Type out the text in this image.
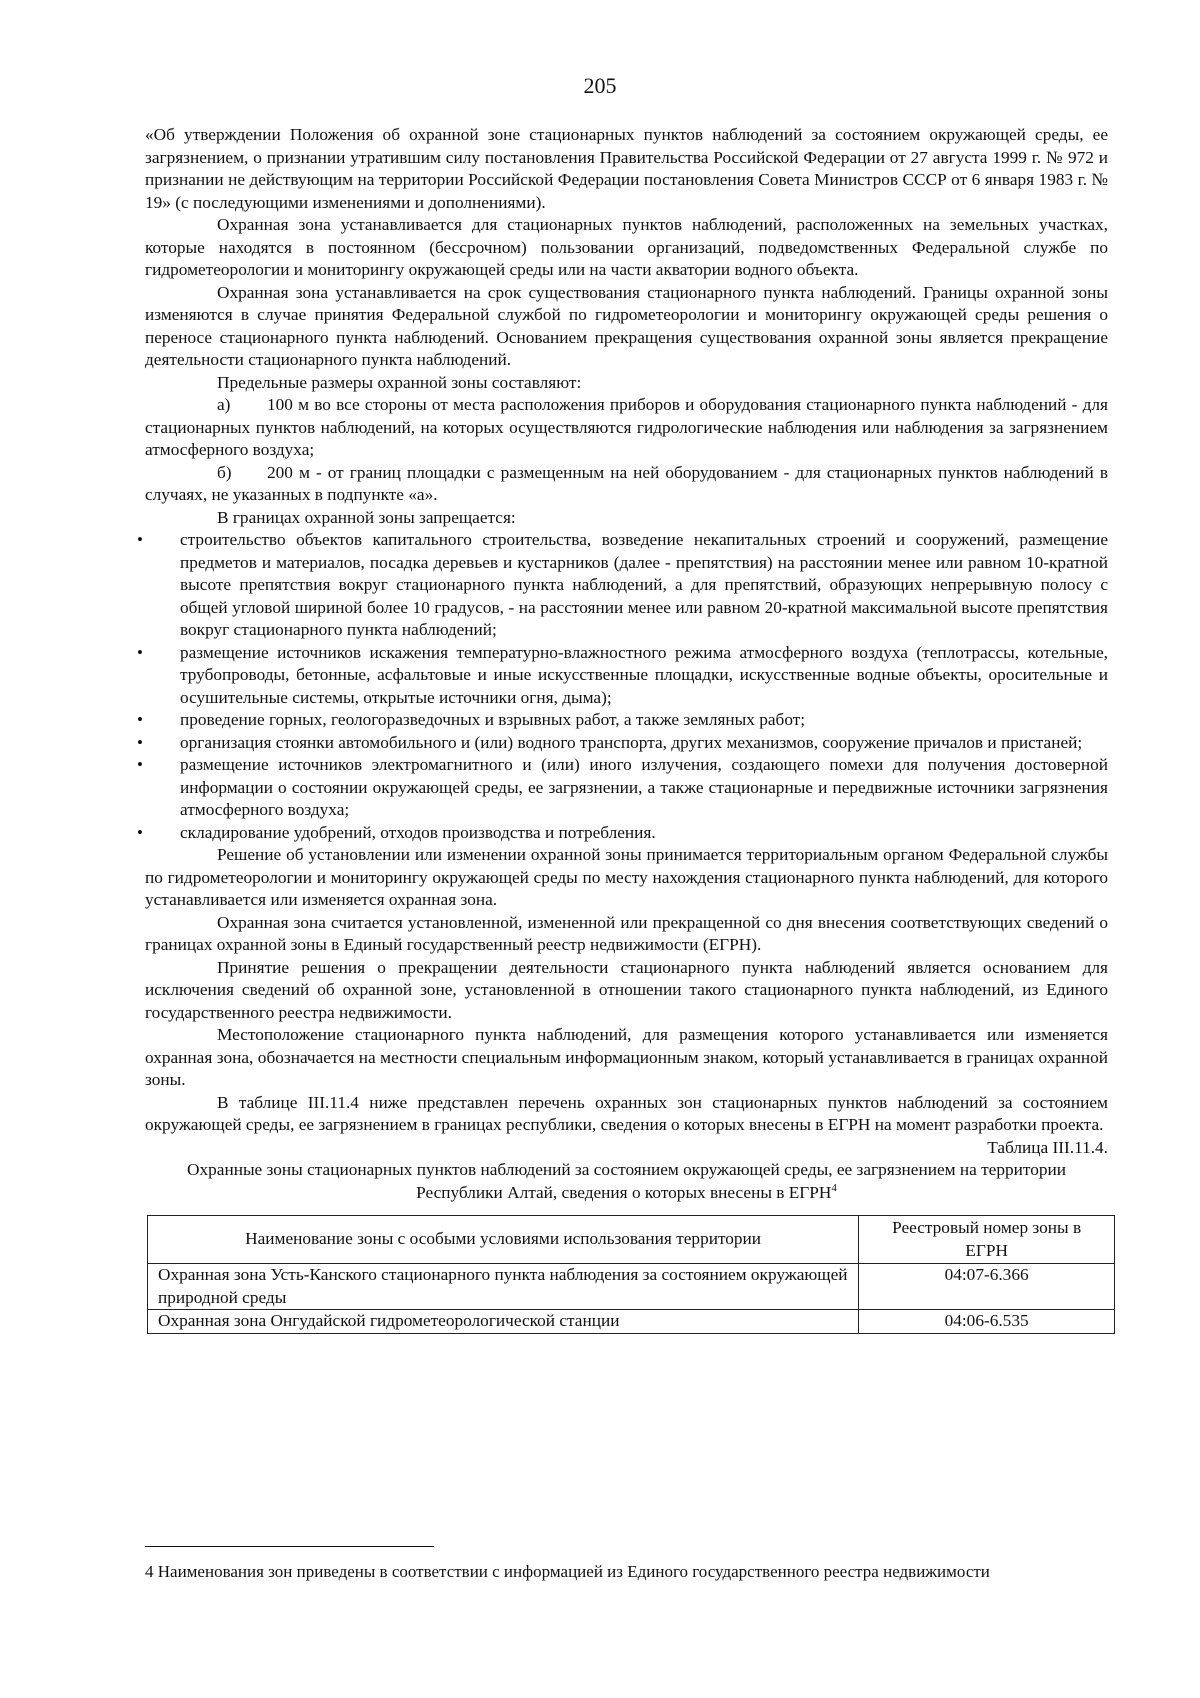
205

«Об утверждении Положения об охранной зоне стационарных пунктов наблюдений за состоянием окружающей среды, ее загрязнением, о признании утратившим силу постановления Правительства Российской Федерации от 27 августа 1999 г. № 972 и признании не действующим на территории Российской Федерации постановления Совета Министров СССР от 6 января 1983 г. № 19» (с последующими изменениями и дополнениями).

Охранная зона устанавливается для стационарных пунктов наблюдений, расположенных на земельных участках, которые находятся в постоянном (бессрочном) пользовании организаций, подведомственных Федеральной службе по гидрометеорологии и мониторингу окружающей среды или на части акватории водного объекта.

Охранная зона устанавливается на срок существования стационарного пункта наблюдений. Границы охранной зоны изменяются в случае принятия Федеральной службой по гидрометеорологии и мониторингу окружающей среды решения о переносе стационарного пункта наблюдений. Основанием прекращения существования охранной зоны является прекращение деятельности стационарного пункта наблюдений.

Предельные размеры охранной зоны составляют:

а) 100 м во все стороны от места расположения приборов и оборудования стационарного пункта наблюдений - для стационарных пунктов наблюдений, на которых осуществляются гидрологические наблюдения или наблюдения за загрязнением атмосферного воздуха;

б) 200 м - от границ площадки с размещенным на ней оборудованием - для стационарных пунктов наблюдений в случаях, не указанных в подпункте «а».

В границах охранной зоны запрещается:

• строительство объектов капитального строительства, возведение некапитальных строений и сооружений, размещение предметов и материалов, посадка деревьев и кустарников (далее - препятствия) на расстоянии менее или равном 10-кратной высоте препятствия вокруг стационарного пункта наблюдений, а для препятствий, образующих непрерывную полосу с общей угловой шириной более 10 градусов, - на расстоянии менее или равном 20-кратной максимальной высоте препятствия вокруг стационарного пункта наблюдений;
• размещение источников искажения температурно-влажностного режима атмосферного воздуха (теплотрассы, котельные, трубопроводы, бетонные, асфальтовые и иные искусственные площадки, искусственные водные объекты, оросительные и осушительные системы, открытые источники огня, дыма);
• проведение горных, геологоразведочных и взрывных работ, а также земляных работ;
• организация стоянки автомобильного и (или) водного транспорта, других механизмов, сооружение причалов и пристаней;
• размещение источников электромагнитного и (или) иного излучения, создающего помехи для получения достоверной информации о состоянии окружающей среды, ее загрязнении, а также стационарные и передвижные источники загрязнения атмосферного воздуха;
• складирование удобрений, отходов производства и потребления.

Решение об установлении или изменении охранной зоны принимается территориальным органом Федеральной службы по гидрометеорологии и мониторингу окружающей среды по месту нахождения стационарного пункта наблюдений, для которого устанавливается или изменяется охранная зона.

Охранная зона считается установленной, измененной или прекращенной со дня внесения соответствующих сведений о границах охранной зоны в Единый государственный реестр недвижимости (ЕГРН).

Принятие решения о прекращении деятельности стационарного пункта наблюдений является основанием для исключения сведений об охранной зоне, установленной в отношении такого стационарного пункта наблюдений, из Единого государственного реестра недвижимости.

Местоположение стационарного пункта наблюдений, для размещения которого устанавливается или изменяется охранная зона, обозначается на местности специальным информационным знаком, который устанавливается в границах охранной зоны.

В таблице III.11.4 ниже представлен перечень охранных зон стационарных пунктов наблюдений за состоянием окружающей среды, ее загрязнением в границах республики, сведения о которых внесены в ЕГРН на момент разработки проекта.

Таблица III.11.4.

Охранные зоны стационарных пунктов наблюдений за состоянием окружающей среды, ее загрязнением на территории Республики Алтай, сведения о которых внесены в ЕГРН$^4$

Наименование зоны с особыми условиями использования территории	Реестровый номер зоны в ЕГРН
Охранная зона Усть-Канского стационарного пункта наблюдения за состоянием окружающей природной среды	04:07-6.366
Охранная зона Онгудайской гидрометеорологической станции	04:06-6.535
4 Наименования зон приведены в соответствии с информацией из Единого государственного реестра недвижимости
